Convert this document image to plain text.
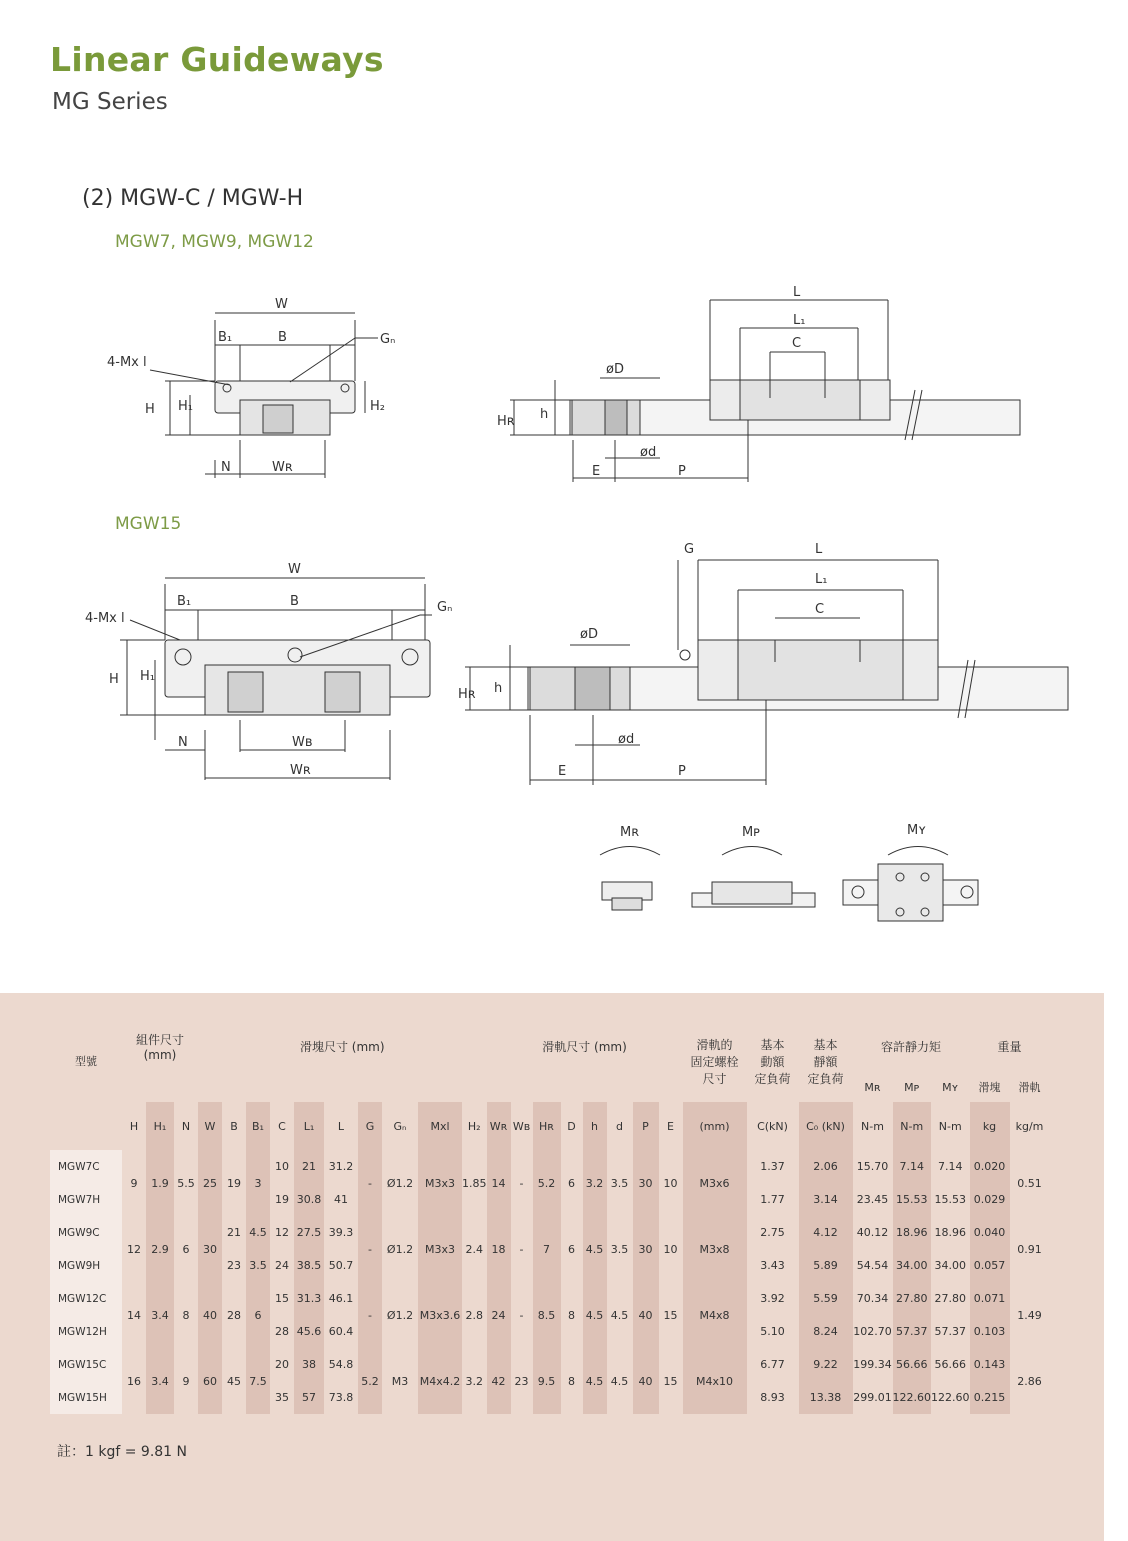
Linear Guideways
MG Series
(2) MGW-C / MGW-H
MGW7, MGW9, MGW12
MGW15
W
B₁	B	Gₙ
4-Mx l
H H₁	H₂
N	Wʀ
L
L₁
C
øD
ød
Hʀ h
E	P
W
B₁	B	Gₙ
4-Mx l
H H₁
N	Wʙ
Wʀ
G	L
L₁
C
øD
ød
Hʀ h
E	P
Mʀ	Mᴘ	Mʏ
型號	組件尺寸
(mm)			滑塊尺寸 (mm)										滑軌尺寸 (mm)								滑軌的
固定螺栓
尺寸	基本
動額
定負荷	基本
靜額
定負荷	容許靜力矩			重量	
																									Mʀ	Mᴘ	Mʏ	滑塊	滑軌
	H	H₁	N	W	B	B₁	C	L₁	L	G	Gₙ	Mxl	H₂	Wʀ	Wʙ	Hʀ	D	h	d	P	E	(mm)	C(kN)	C₀ (kN)	N-m	N-m	N-m	kg	kg/m
MGW7C	9	1.9	5.5	25	19	3	10	21	31.2	-	Ø1.2	M3x3	1.85	14	-	5.2	6	3.2	3.5	30	10	M3x6	1.37	2.06	15.70	7.14	7.14	0.020	0.51
MGW7H							19	30.8	41														1.77	3.14	23.45	15.53	15.53	0.029	
MGW9C	12	2.9	6	30	21	4.5	12	27.5	39.3	-	Ø1.2	M3x3	2.4	18	-	7	6	4.5	3.5	30	10	M3x8	2.75	4.12	40.12	18.96	18.96	0.040	0.91
MGW9H					23	3.5	24	38.5	50.7														3.43	5.89	54.54	34.00	34.00	0.057	
MGW12C	14	3.4	8	40	28	6	15	31.3	46.1	-	Ø1.2	M3x3.6	2.8	24	-	8.5	8	4.5	4.5	40	15	M4x8	3.92	5.59	70.34	27.80	27.80	0.071	1.49
MGW12H							28	45.6	60.4														5.10	8.24	102.70	57.37	57.37	0.103	
MGW15C	16	3.4	9	60	45	7.5	20	38	54.8	5.2	M3	M4x4.2	3.2	42	23	9.5	8	4.5	4.5	40	15	M4x10	6.77	9.22	199.34	56.66	56.66	0.143	2.86
MGW15H							35	57	73.8														8.93	13.38	299.01	122.60	122.60	0.215	
註：1 kgf = 9.81 N
